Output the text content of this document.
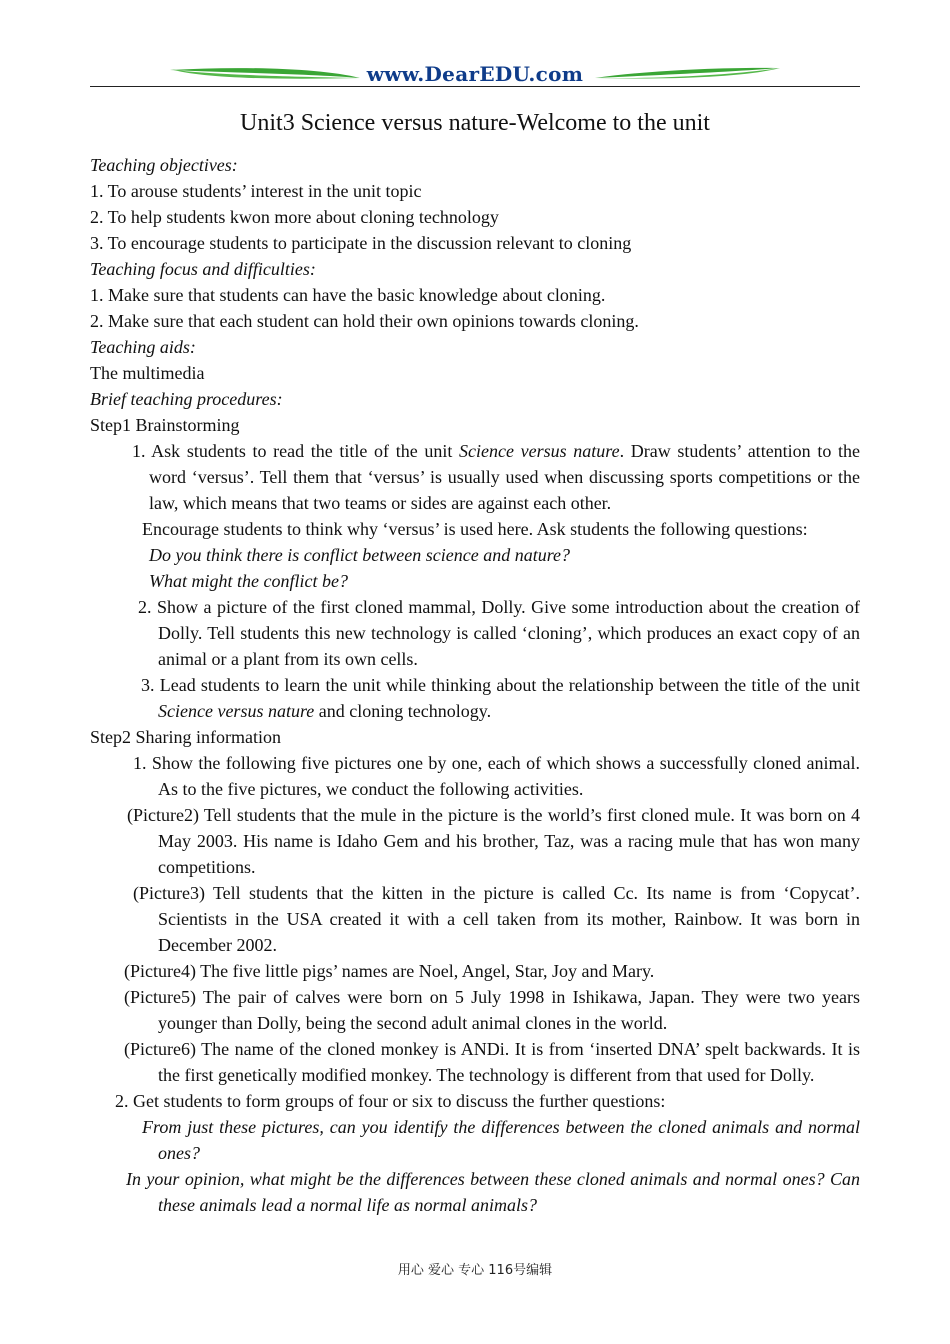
www.DearEDU.com
Unit3 Science versus nature-Welcome to the unit

Teaching objectives:

1. To arouse students’ interest in the unit topic

2. To help students kwon more about cloning technology

3. To encourage students to participate in the discussion relevant to cloning

Teaching focus and difficulties:

1. Make sure that students can have the basic knowledge about cloning.

2. Make sure that each student can hold their own opinions towards cloning.

Teaching aids:

The multimedia

Brief teaching procedures:

Step1 Brainstorming

1. Ask students to read the title of the unit Science versus nature. Draw students’ attention to the word ‘versus’. Tell them that ‘versus’ is usually used when discussing sports competitions or the law, which means that two teams or sides are against each other.

Encourage students to think why ‘versus’ is used here. Ask students the following questions:

Do you think there is conflict between science and nature?

What might the conflict be?

2. Show a picture of the first cloned mammal, Dolly. Give some introduction about the creation of Dolly. Tell students this new technology is called ‘cloning’, which produces an exact copy of an animal or a plant from its own cells.

3. Lead students to learn the unit while thinking about the relationship between the title of the unit Science versus nature and cloning technology.

Step2 Sharing information

1. Show the following five pictures one by one, each of which shows a successfully cloned animal. As to the five pictures, we conduct the following activities.

(Picture2) Tell students that the mule in the picture is the world’s first cloned mule. It was born on 4 May 2003. His name is Idaho Gem and his brother, Taz, was a racing mule that has won many competitions.

(Picture3) Tell students that the kitten in the picture is called Cc. Its name is from ‘Copycat’. Scientists in the USA created it with a cell taken from its mother, Rainbow. It was born in December 2002.

(Picture4) The five little pigs’ names are Noel, Angel, Star, Joy and Mary.

(Picture5) The pair of calves were born on 5 July 1998 in Ishikawa, Japan. They were two years younger than Dolly, being the second adult animal clones in the world.

(Picture6) The name of the cloned monkey is ANDi. It is from ‘inserted DNA’ spelt backwards. It is the first genetically modified monkey. The technology is different from that used for Dolly.

2. Get students to form groups of four or six to discuss the further questions:

From just these pictures, can you identify the differences between the cloned animals and normal ones?

In your opinion, what might be the differences between these cloned animals and normal ones? Can these animals lead a normal life as normal animals?

用心 爱心 专心 116号编辑
